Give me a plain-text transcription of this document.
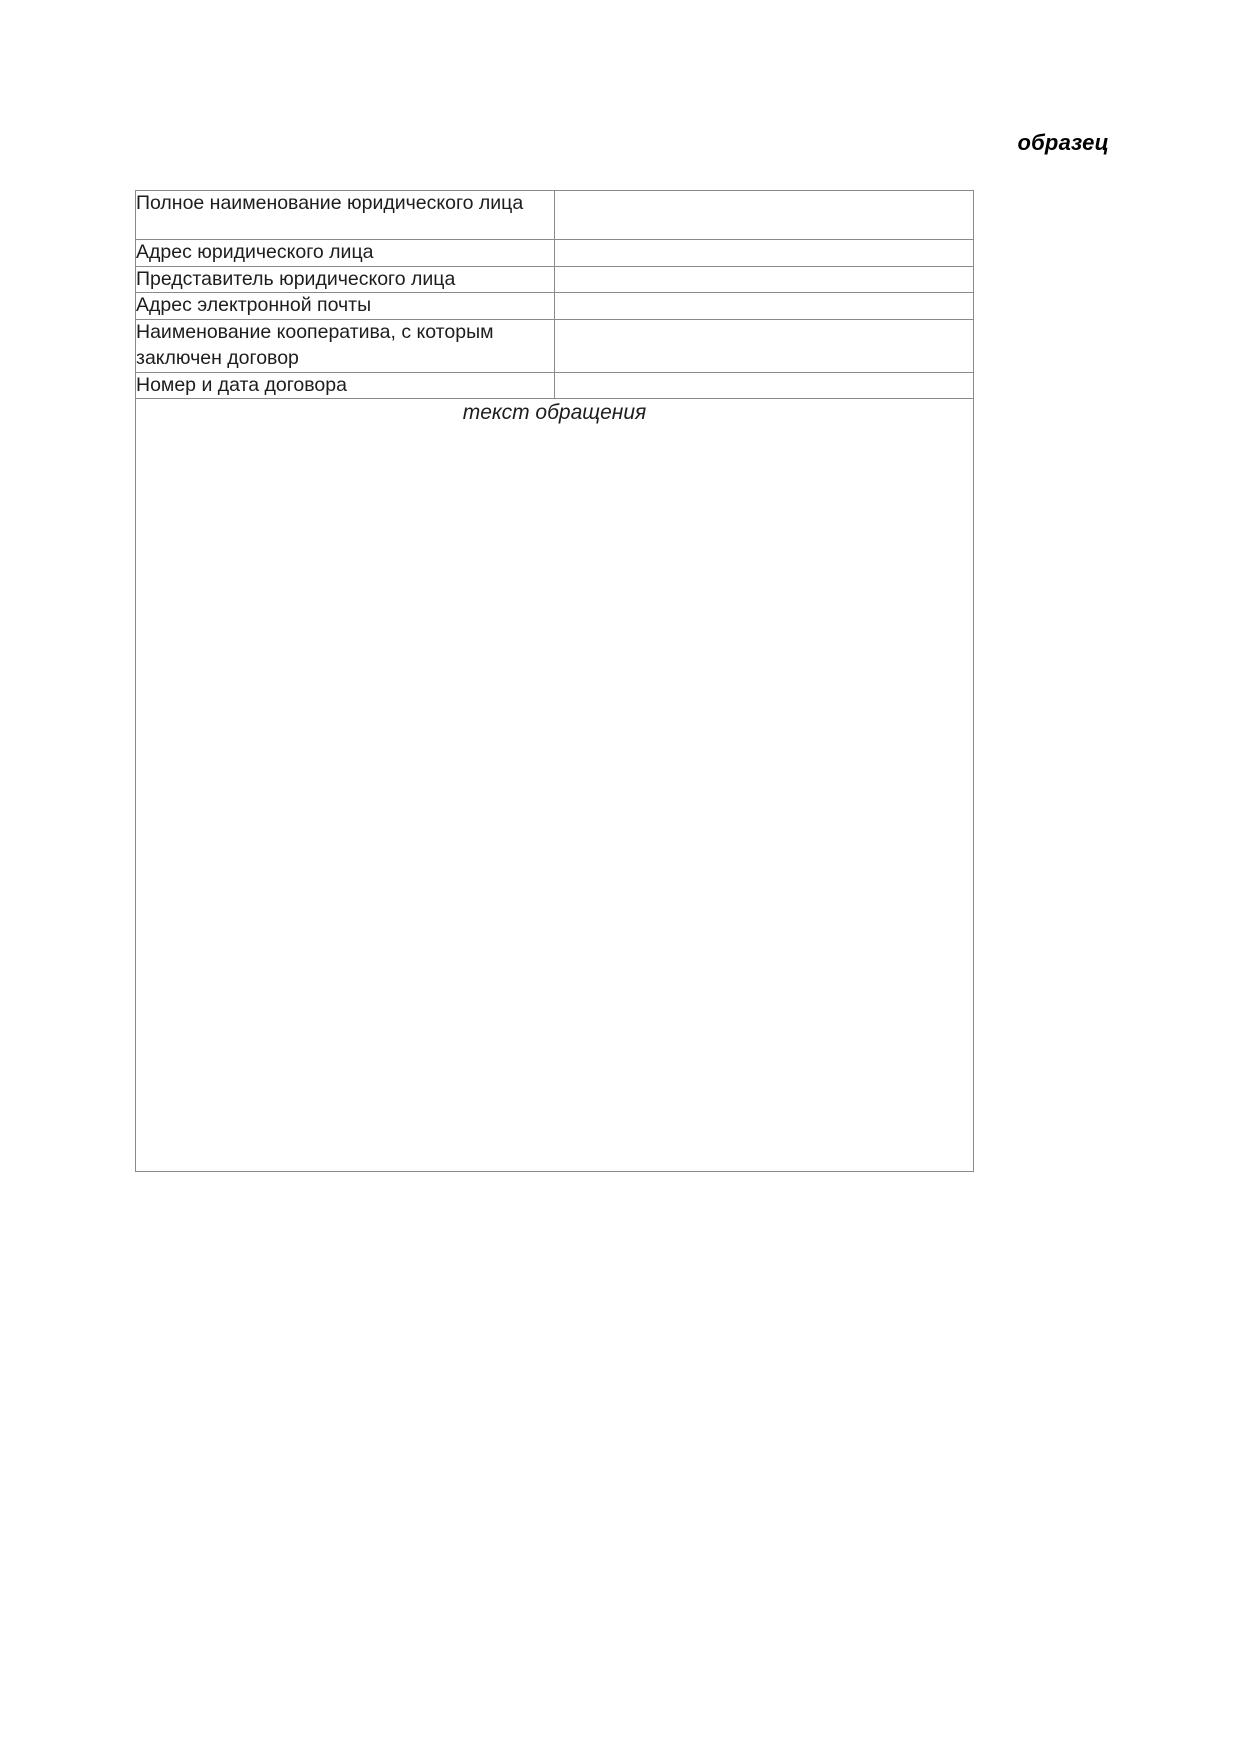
образец
Полное наименование юридического лица	
Адрес юридического лица	
Представитель юридического лица	
Адрес электронной почты	
Наименование кооператива, с которым заключен договор	
Номер и дата договора	

текст обращения	
